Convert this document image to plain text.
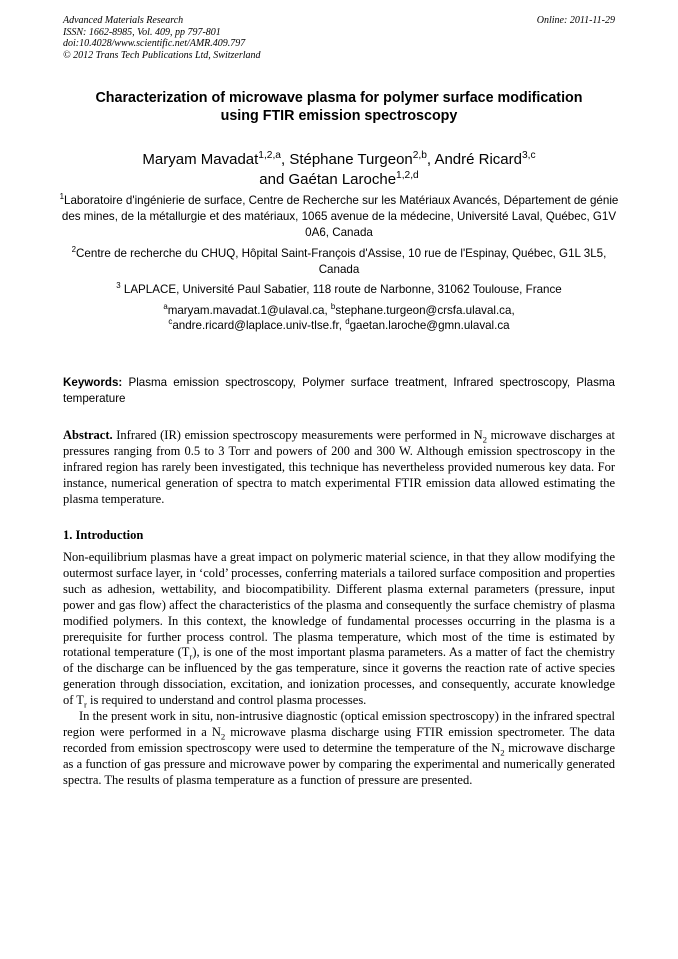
Advanced Materials Research
ISSN: 1662-8985, Vol. 409, pp 797-801
doi:10.4028/www.scientific.net/AMR.409.797
© 2012 Trans Tech Publications Ltd, Switzerland
Online: 2011-11-29
Characterization of microwave plasma for polymer surface modification
using FTIR emission spectroscopy
Maryam Mavadat$^{1,2,a}$, Stéphane Turgeon$^{2,b}$, André Ricard$^{3,c}$
and Gaétan Laroche$^{1,2,d}$
$^1$Laboratoire d'ingénierie de surface, Centre de Recherche sur les Matériaux Avancés, Département de génie des mines, de la métallurgie et des matériaux, 1065 avenue de la médecine, Université Laval, Québec, G1V 0A6, Canada
$^2$Centre de recherche du CHUQ, Hôpital Saint-François d'Assise, 10 rue de l'Espinay, Québec, G1L 3L5, Canada
$^3$ LAPLACE, Université Paul Sabatier, 118 route de Narbonne, 31062 Toulouse, France
$^a$maryam.mavadat.1@ulaval.ca, $^b$stephane.turgeon@crsfa.ulaval.ca,
$^c$andre.ricard@laplace.univ-tlse.fr, $^d$gaetan.laroche@gmn.ulaval.ca
Keywords: Plasma emission spectroscopy, Polymer surface treatment, Infrared spectroscopy, Plasma temperature
Abstract. Infrared (IR) emission spectroscopy measurements were performed in $N_2$ microwave discharges at pressures ranging from 0.5 to 3 Torr and powers of 200 and 300 W. Although emission spectroscopy in the infrared region has rarely been investigated, this technique has nevertheless provided numerous key data. For instance, numerical generation of spectra to match experimental FTIR emission data allowed estimating the plasma temperature.
1. Introduction

Non-equilibrium plasmas have a great impact on polymeric material science, in that they allow modifying the outermost surface layer, in ‘cold’ processes, conferring materials a tailored surface composition and properties such as adhesion, wettability, and biocompatibility. Different plasma external parameters (pressure, input power and gas flow) affect the characteristics of the plasma and consequently the surface chemistry of plasma modified polymers. In this context, the knowledge of fundamental processes occurring in the plasma is a prerequisite for further process control. The plasma temperature, which most of the time is estimated by rotational temperature $(T_r)$, is one of the most important plasma parameters. As a matter of fact the chemistry of the discharge can be influenced by the gas temperature, since it governs the reaction rate of active species generation through dissociation, excitation, and ionization processes, and consequently, accurate knowledge of $T_r$ is required to understand and control plasma processes.

In the present work in situ, non-intrusive diagnostic (optical emission spectroscopy) in the infrared spectral region were performed in a $N_2$ microwave plasma discharge using FTIR emission spectrometer. The data recorded from emission spectroscopy were used to determine the temperature of the $N_2$ microwave discharge as a function of gas pressure and microwave power by comparing the experimental and numerically generated spectra. The results of plasma temperature as a function of pressure are presented.
